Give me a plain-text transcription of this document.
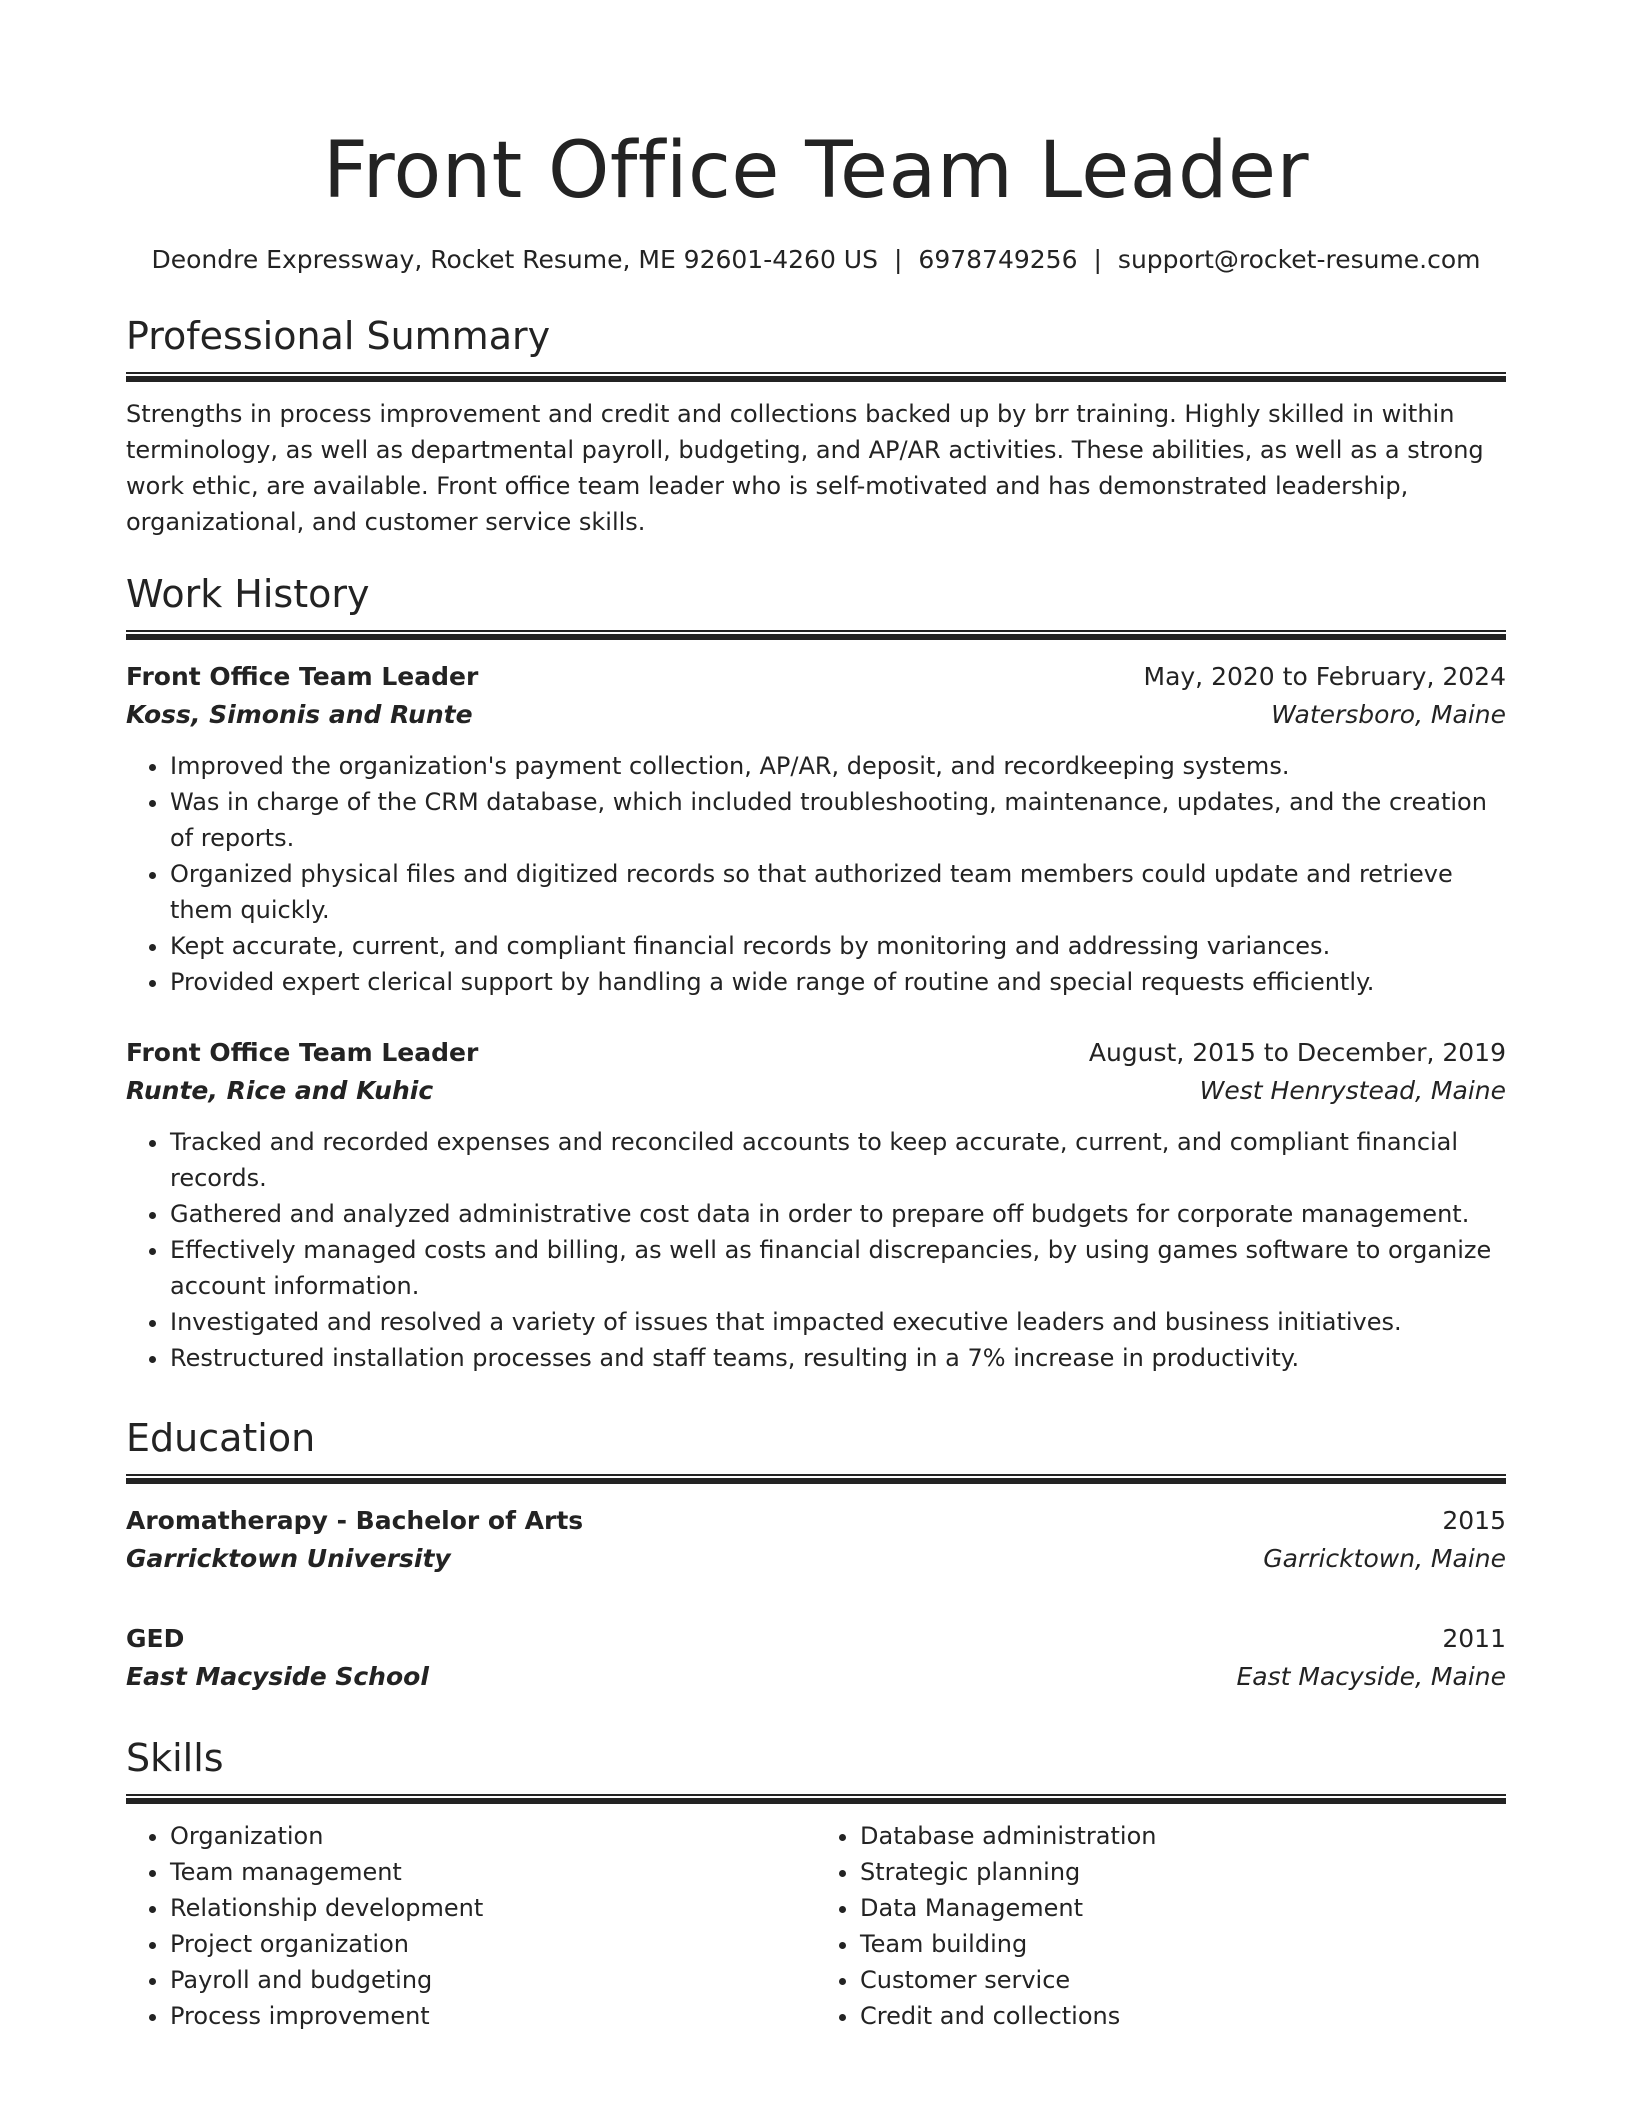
Front Office Team Leader
Deondre Expressway, Rocket Resume, ME 92601-4260 US | 6978749256 | support@rocket-resume.com
Professional Summary

Strengths in process improvement and credit and collections backed up by brr training. Highly skilled in within terminology, as well as departmental payroll, budgeting, and AP/AR activities. These abilities, as well as a strong work ethic, are available. Front office team leader who is self-motivated and has demonstrated leadership, organizational, and customer service skills.

Work History
Front Office Team Leader	May, 2020 to February, 2024
Koss, Simonis and Runte	Watersboro, Maine
• Improved the organization's payment collection, AP/AR, deposit, and recordkeeping systems.
• Was in charge of the CRM database, which included troubleshooting, maintenance, updates, and the creation of reports.
• Organized physical files and digitized records so that authorized team members could update and retrieve them quickly.
• Kept accurate, current, and compliant financial records by monitoring and addressing variances.
• Provided expert clerical support by handling a wide range of routine and special requests efficiently.
Front Office Team Leader	August, 2015 to December, 2019
Runte, Rice and Kuhic	West Henrystead, Maine
• Tracked and recorded expenses and reconciled accounts to keep accurate, current, and compliant financial records.
• Gathered and analyzed administrative cost data in order to prepare off budgets for corporate management.
• Effectively managed costs and billing, as well as financial discrepancies, by using games software to organize account information.
• Investigated and resolved a variety of issues that impacted executive leaders and business initiatives.
• Restructured installation processes and staff teams, resulting in a 7% increase in productivity.
Education
Aromatherapy - Bachelor of Arts	2015
Garricktown University	Garricktown, Maine
GED	2011
East Macyside School	East Macyside, Maine
Skills
• Organization
• Team management
• Relationship development
• Project organization
• Payroll and budgeting
• Process improvement
• Database administration
• Strategic planning
• Data Management
• Team building
• Customer service
• Credit and collections
